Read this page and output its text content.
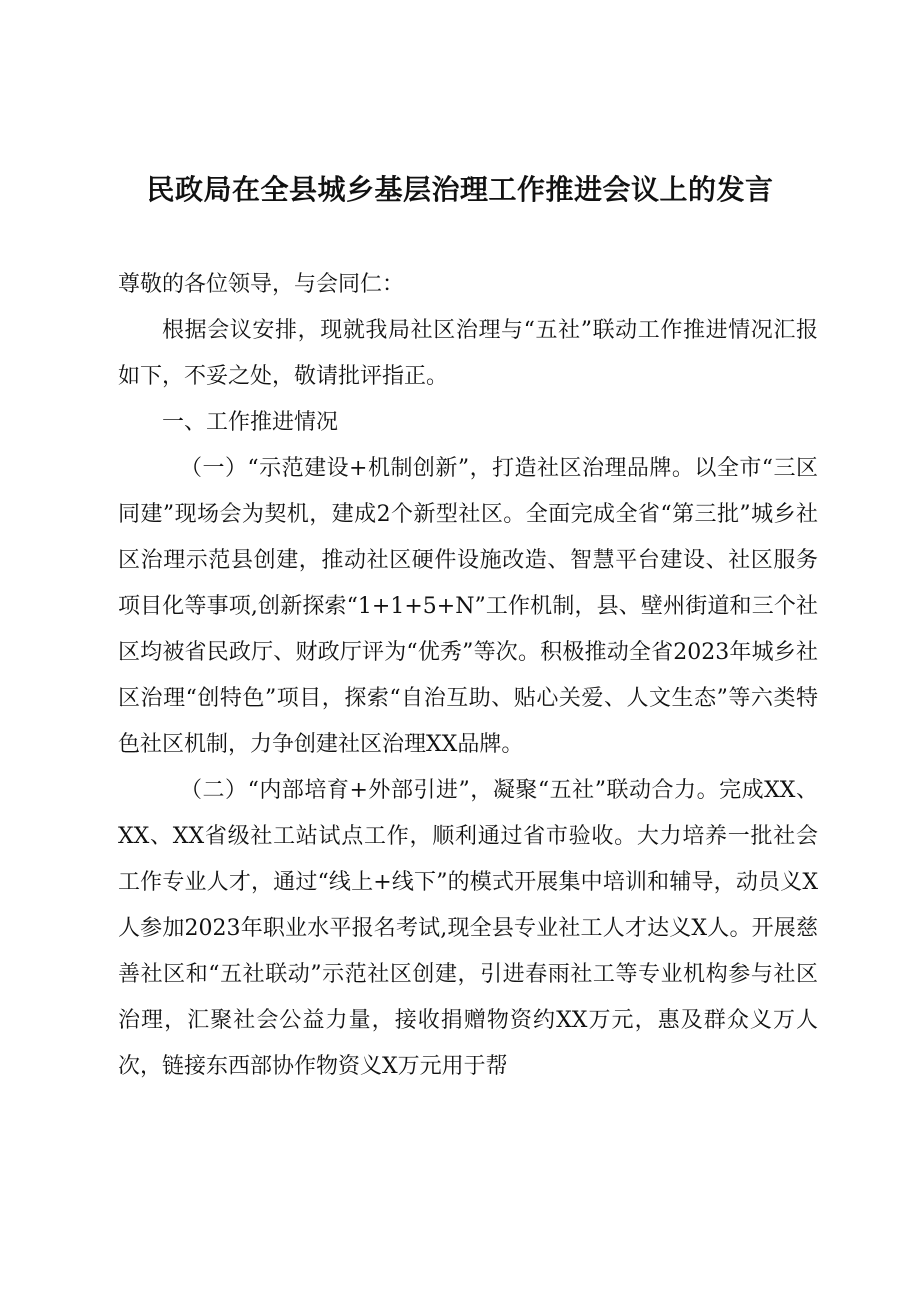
民政局在全县城乡基层治理工作推进会议上的发言

尊敬的各位领导，与会同仁：

根据会议安排，现就我局社区治理与“五社”联动工作推进情况汇报如下，不妥之处，敬请批评指正。

一、工作推进情况

（一）“示范建设+机制创新”，打造社区治理品牌。以全市“三区同建”现场会为契机，建成2个新型社区。全面完成全省“第三批”城乡社区治理示范县创建，推动社区硬件设施改造、智慧平台建设、社区服务项目化等事项,创新探索“1+1+5+N”工作机制，县、壁州街道和三个社区均被省民政厅、财政厅评为“优秀”等次。积极推动全省2023年城乡社区治理“创特色”项目，探索“自治互助、贴心关爱、人文生态”等六类特色社区机制，力争创建社区治理XX品牌。

（二）“内部培育+外部引进”，凝聚“五社”联动合力。完成XX、XX、XX省级社工站试点工作，顺利通过省市验收。大力培养一批社会工作专业人才，通过“线上+线下”的模式开展集中培训和辅导，动员义X人参加2023年职业水平报名考试,现全县专业社工人才达义X人。开展慈善社区和“五社联动”示范社区创建，引进春雨社工等专业机构参与社区治理，汇聚社会公益力量，接收捐赠物资约XX万元，惠及群众义万人次，链接东西部协作物资义X万元用于帮
